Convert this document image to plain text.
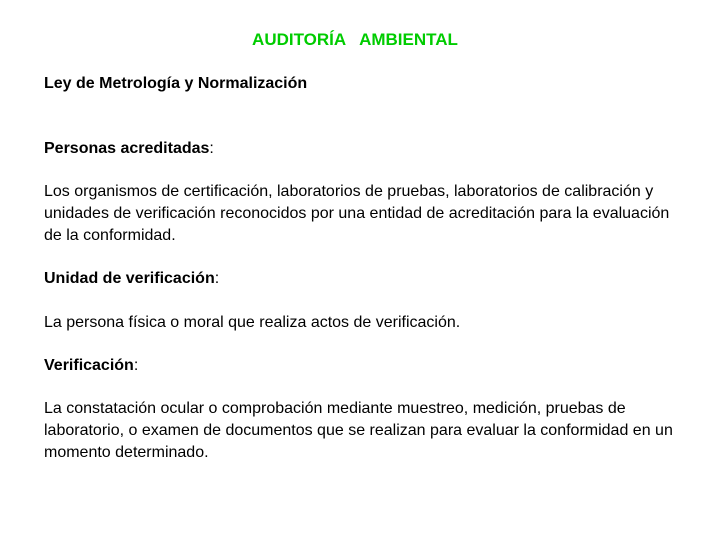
AUDITORÍA   AMBIENTAL
Ley de Metrología y Normalización
Personas acreditadas:
Los organismos de certificación, laboratorios de pruebas, laboratorios de calibración y unidades de verificación reconocidos por una entidad de acreditación para la evaluación de la conformidad.
Unidad de verificación:
La persona física o moral que realiza actos de verificación.
Verificación:
La constatación ocular o comprobación mediante muestreo, medición, pruebas de laboratorio, o examen de documentos que se realizan para evaluar la conformidad en un momento determinado.
